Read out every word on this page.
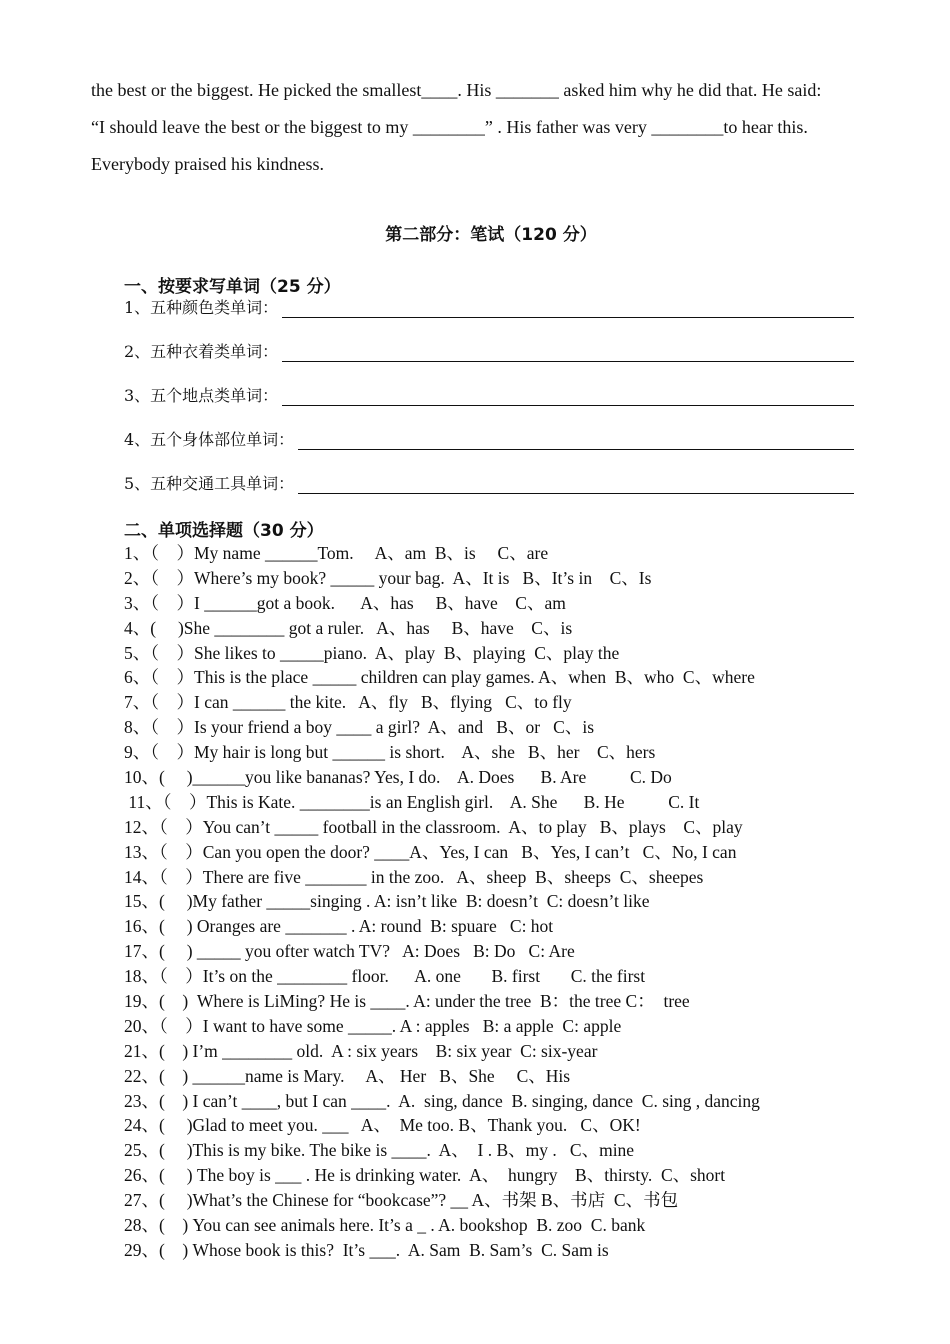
the best or the biggest. He picked the smallest____. His _______ asked him why he did that. He said:

“I should leave the best or the biggest to my ________” . His father was very ________to hear this.

Everybody praised his kindness.

第二部分：笔试（120 分）
一、按要求写单词（25 分）
1、五种颜色类单词：
2、五种衣着类单词：
3、五个地点类单词：
4、五个身体部位单词：
5、五种交通工具单词：
二、单项选择题（30 分）
1、（    ）My name ______Tom.     A、am  B、is     C、are
2、（    ）Where’s my book? _____ your bag.  A、It is   B、It’s in    C、Is
3、（    ）I ______got a book.      A、has     B、have    C、am
4、(     )She ________ got a ruler.   A、has     B、have    C、is
5、（    ）She likes to _____piano.  A、play  B、playing  C、play the
6、（    ）This is the place _____ children can play games. A、when  B、who  C、where
7、（    ）I can ______ the kite.   A、fly   B、flying   C、to fly
8、（    ）Is your friend a boy ____ a girl?  A、and   B、or   C、is
9、（    ）My hair is long but ______ is short.    A、she   B、her    C、hers
10、(     )______you like bananas? Yes, I do.    A. Does      B. Are          C. Do
11、（    ）This is Kate. ________is an English girl.    A. She      B. He          C. It
12、（    ）You can’t _____ football in the classroom.  A、to play   B、plays    C、play
13、（    ）Can you open the door? ____A、Yes, I can   B、Yes, I can’t   C、No, I can
14、（    ）There are five _______ in the zoo.   A、sheep  B、sheeps  C、sheepes
15、(     )My father _____singing . A: isn’t like  B: doesn’t  C: doesn’t like
16、(     ) Oranges are _______ . A: round  B: spuare   C: hot
17、(     ) _____ you ofter watch TV?   A: Does   B: Do   C: Are
18、（    ）It’s on the ________ floor.      A. one       B. first       C. the first
19、(    )  Where is LiMing? He is ____. A: under the tree  B：the tree C：  tree
20、（    ）I want to have some _____. A : apples   B: a apple  C: apple
21、(    ) I’m ________ old.  A : six years    B: six year  C: six-year
22、(    ) ______name is Mary.     A、 Her   B、She     C、His
23、(    ) I can’t ____, but I can ____.  A.  sing, dance  B. singing, dance  C. sing , dancing
24、(     )Glad to meet you. ___   A、  Me too. B、Thank you.   C、OK!
25、(     )This is my bike. The bike is ____.  A、  I . B、my .   C、mine
26、(     ) The boy is ___ . He is drinking water.  A、  hungry    B、thirsty.  C、short
27、(     )What’s the Chinese for “bookcase”? __ A、书架 B、书店  C、书包
28、(    ) You can see animals here. It’s a _ . A. bookshop  B. zoo  C. bank
29、(    ) Whose book is this?  It’s ___.  A. Sam  B. Sam’s  C. Sam is
